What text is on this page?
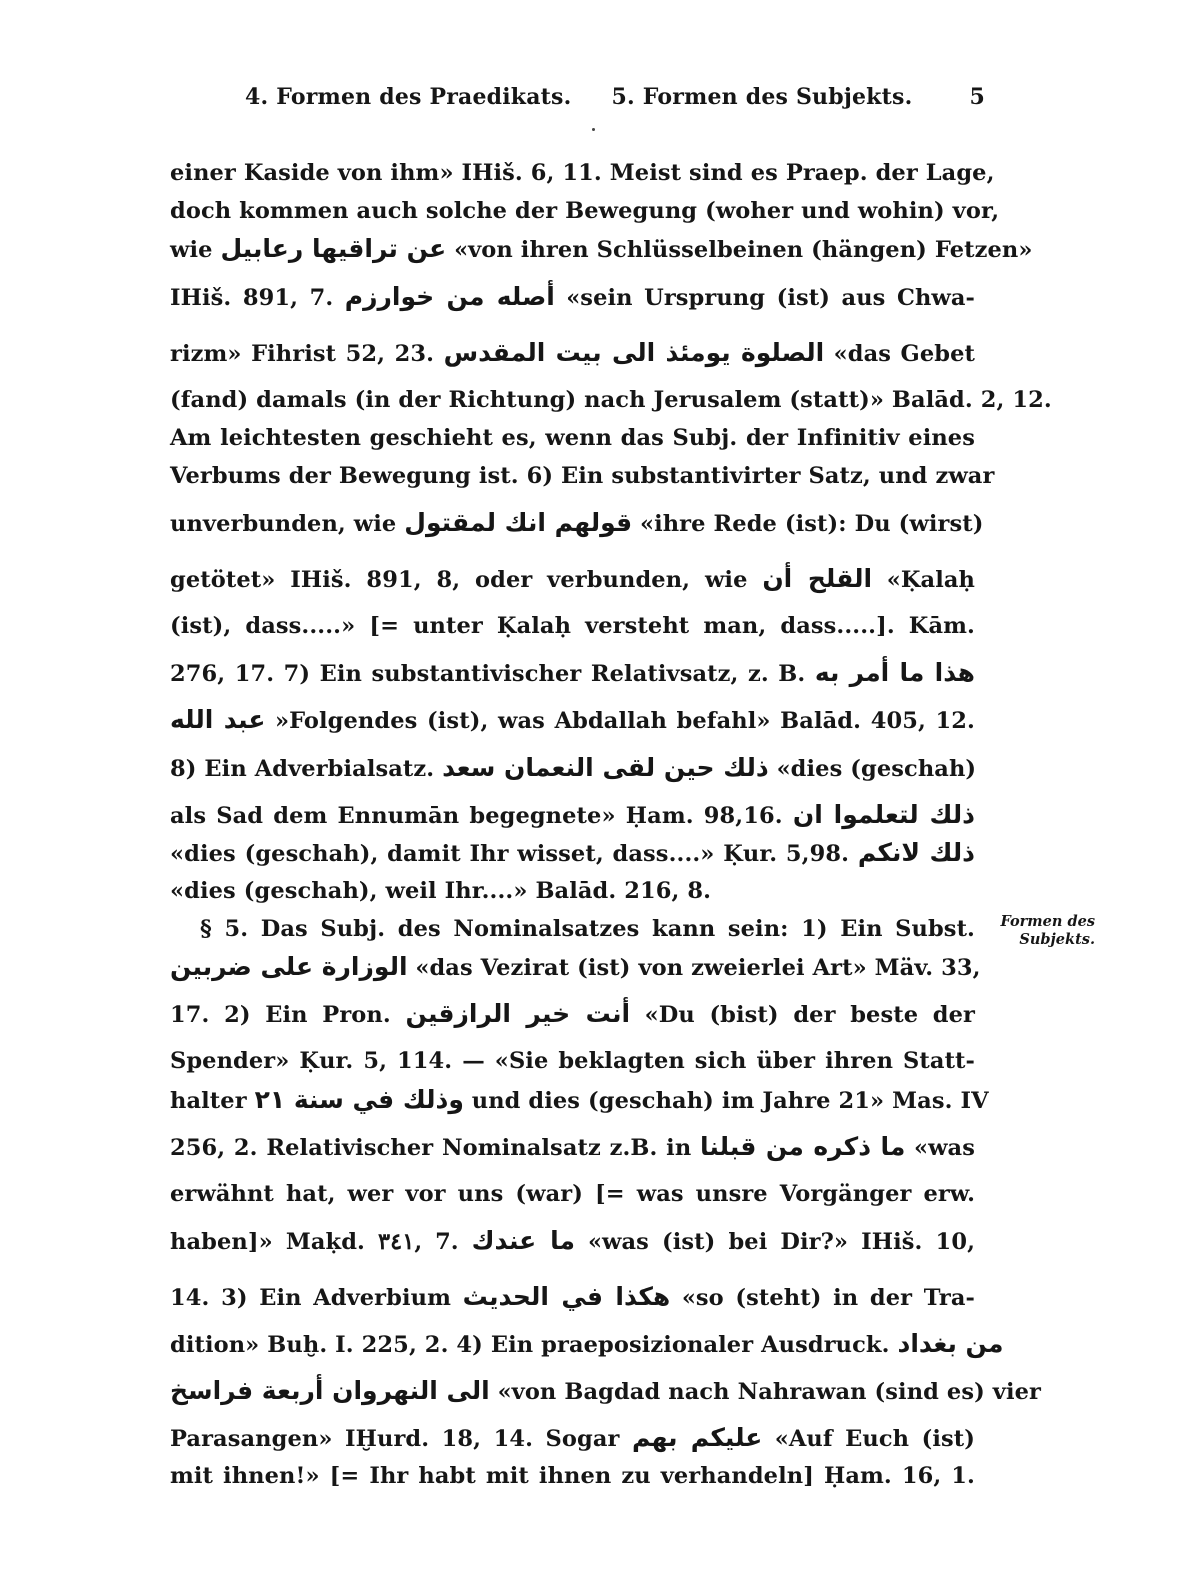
4. Formen des Praedikats. 5. Formen des Subjekts.	5
einer Kaside von ihm» IHiš. 6, 11. Meist sind es Praep. der Lage,
doch kommen auch solche der Bewegung (woher und wohin) vor,
wie عن تراقيها رعابيل «von ihren Schlüsselbeinen (hängen) Fetzen»
IHiš. 891, 7. أصله من خوارزم «sein Ursprung (ist) aus Chwa-
rizm» Fihrist 52, 23. الصلوة يومئذ الى بيت المقدس «das Gebet
(fand) damals (in der Richtung) nach Jerusalem (statt)» Balād. 2, 12.
Am leichtesten geschieht es, wenn das Subj. der Infinitiv eines
Verbums der Bewegung ist. 6) Ein substantivirter Satz, und zwar
unverbunden, wie قولهم انك لمقتول «ihre Rede (ist): Du (wirst)
getötet» IHiš. 891, 8, oder verbunden, wie القلح أن «Ḳalaḥ
(ist), dass.....» [= unter Ḳalaḥ versteht man, dass.....]. Kām.
276, 17. 7) Ein substantivischer Relativsatz, z. B. هذا ما أمر به
عبد الله »Folgendes (ist), was Abdallah befahl» Balād. 405, 12.
8) Ein Adverbialsatz. ذلك حين لقى النعمان سعد «dies (geschah)
als Sad dem Ennumān begegnete» Ḥam. 98,16. ذلك لتعلموا ان
«dies (geschah), damit Ihr wisset, dass....» Ḳur. 5,98. ذلك لانكم
«dies (geschah), weil Ihr....» Balād. 216, 8.
§ 5. Das Subj. des Nominalsatzes kann sein: 1) Ein Subst.
الوزارة على ضربين «das Vezirat (ist) von zweierlei Art» Mäv. 33,
17. 2) Ein Pron. أنت خير الرازقين «Du (bist) der beste der
Spender» Ḳur. 5, 114. — «Sie beklagten sich über ihren Statt-
halter وذلك في سنة ٢١ und dies (geschah) im Jahre 21» Mas. IV
256, 2. Relativischer Nominalsatz z.B. in ما ذكره من قبلنا «was
erwähnt hat, wer vor uns (war) [= was unsre Vorgänger erw.
haben]» Maḳd. ٣٤١, 7. ما عندك «was (ist) bei Dir?» IHiš. 10,
14. 3) Ein Adverbium هكذا في الحديث «so (steht) in der Tra-
dition» Buḫ. I. 225, 2. 4) Ein praeposizionaler Ausdruck. من بغداد
الى النهروان أربعة فراسخ «von Bagdad nach Nahrawan (sind es) vier
Parasangen» IḪurd. 18, 14. Sogar عليكم بهم «Auf Euch (ist)
mit ihnen!» [= Ihr habt mit ihnen zu verhandeln] Ḥam. 16, 1.
Formen des
Subjekts.
